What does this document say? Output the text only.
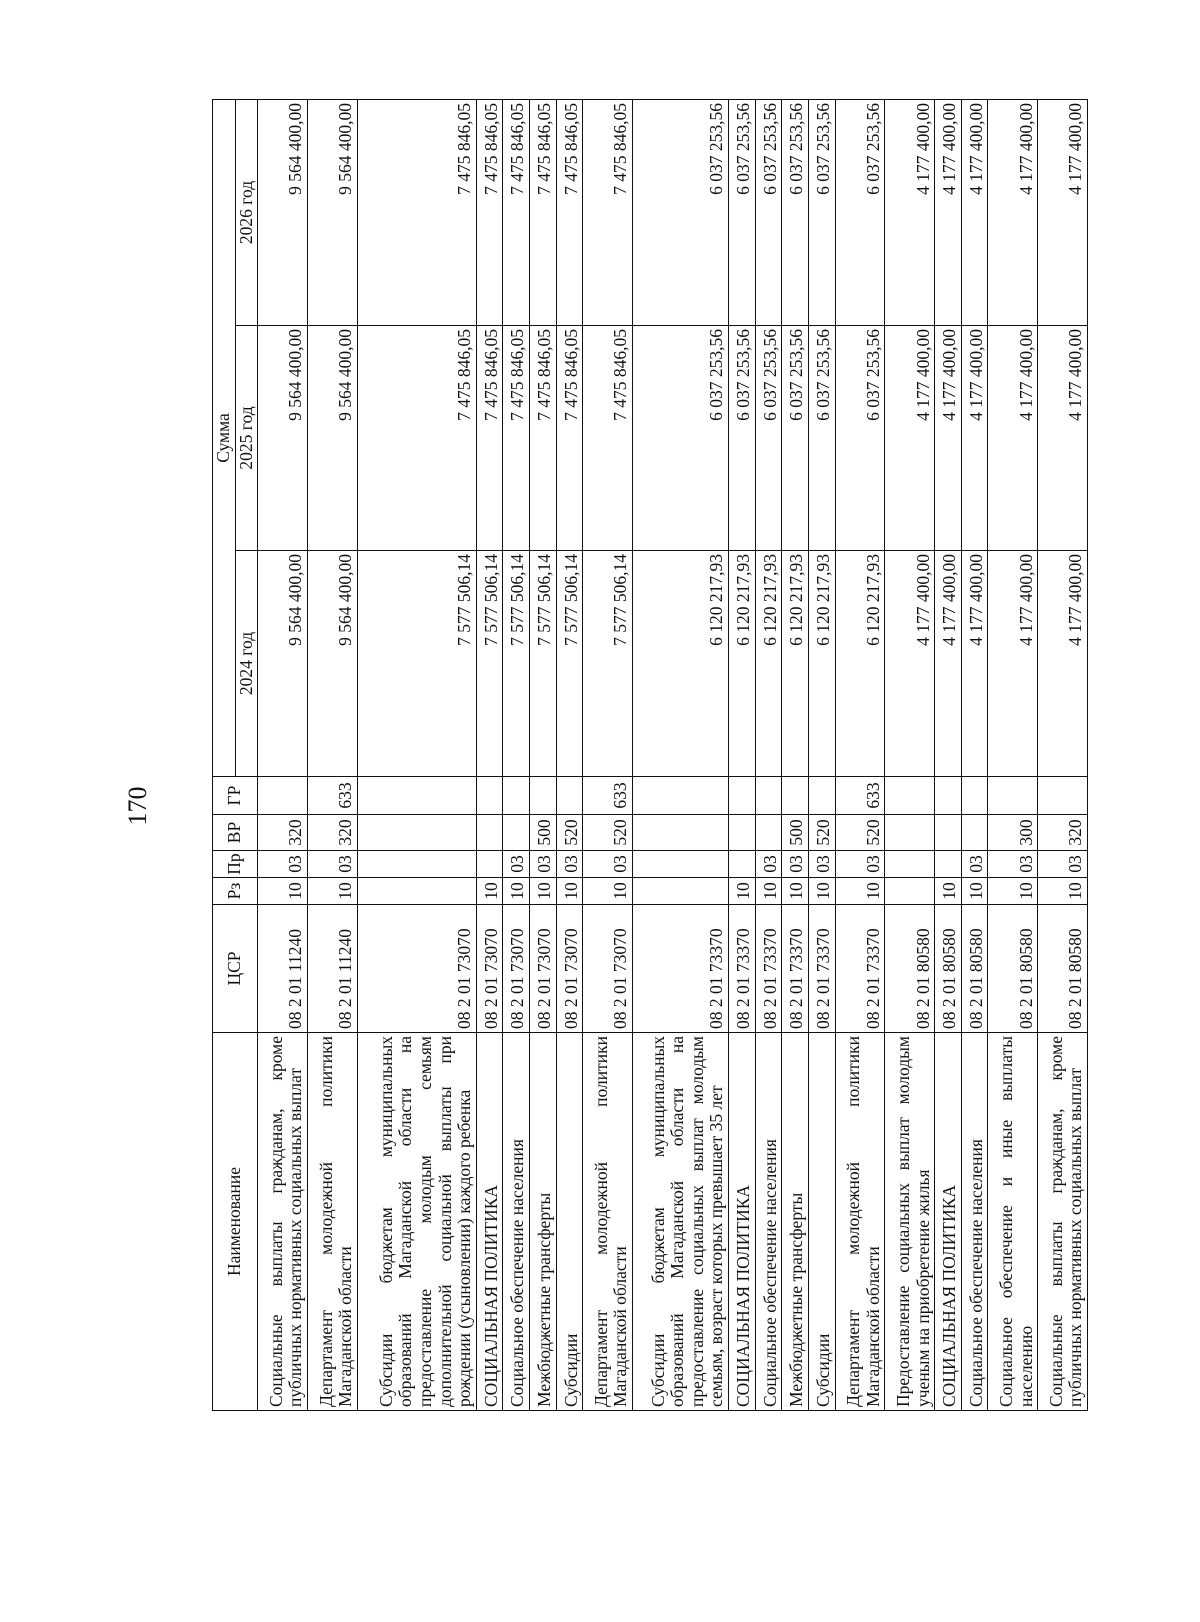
170
Наименование	ЦСР	Рз	Пр	ВР	ГР	Сумма		
						2024 год	2025 год	2026 год
Социальные выплаты гражданам, кроме публичных нормативных социальных выплат	08 2 01 11240	10	03	320		9 564 400,00	9 564 400,00	9 564 400,00
Департамент молодежной политики Магаданской области	08 2 01 11240	10	03	320	633	9 564 400,00	9 564 400,00	9 564 400,00
Субсидии бюджетам муниципальных образований Магаданской области на предоставление молодым семьям дополнительной социальной выплаты при рождении (усыновлении) каждого ребенка	08 2 01 73070					7 577 506,14	7 475 846,05	7 475 846,05
СОЦИАЛЬНАЯ ПОЛИТИКА	08 2 01 73070	10				7 577 506,14	7 475 846,05	7 475 846,05
Социальное обеспечение населения	08 2 01 73070	10	03			7 577 506,14	7 475 846,05	7 475 846,05
Межбюджетные трансферты	08 2 01 73070	10	03	500		7 577 506,14	7 475 846,05	7 475 846,05
Субсидии	08 2 01 73070	10	03	520		7 577 506,14	7 475 846,05	7 475 846,05
Департамент молодежной политики Магаданской области	08 2 01 73070	10	03	520	633	7 577 506,14	7 475 846,05	7 475 846,05
Субсидии бюджетам муниципальных образований Магаданской области на предоставление социальных выплат молодым семьям, возраст которых превышает 35 лет	08 2 01 73370					6 120 217,93	6 037 253,56	6 037 253,56
СОЦИАЛЬНАЯ ПОЛИТИКА	08 2 01 73370	10				6 120 217,93	6 037 253,56	6 037 253,56
Социальное обеспечение населения	08 2 01 73370	10	03			6 120 217,93	6 037 253,56	6 037 253,56
Межбюджетные трансферты	08 2 01 73370	10	03	500		6 120 217,93	6 037 253,56	6 037 253,56
Субсидии	08 2 01 73370	10	03	520		6 120 217,93	6 037 253,56	6 037 253,56
Департамент молодежной политики Магаданской области	08 2 01 73370	10	03	520	633	6 120 217,93	6 037 253,56	6 037 253,56
Предоставление социальных выплат молодым ученым на приобретение жилья	08 2 01 80580					4 177 400,00	4 177 400,00	4 177 400,00
СОЦИАЛЬНАЯ ПОЛИТИКА	08 2 01 80580	10				4 177 400,00	4 177 400,00	4 177 400,00
Социальное обеспечение населения	08 2 01 80580	10	03			4 177 400,00	4 177 400,00	4 177 400,00
Социальное обеспечение и иные выплаты населению	08 2 01 80580	10	03	300		4 177 400,00	4 177 400,00	4 177 400,00
Социальные выплаты гражданам, кроме публичных нормативных социальных выплат	08 2 01 80580	10	03	320		4 177 400,00	4 177 400,00	4 177 400,00
